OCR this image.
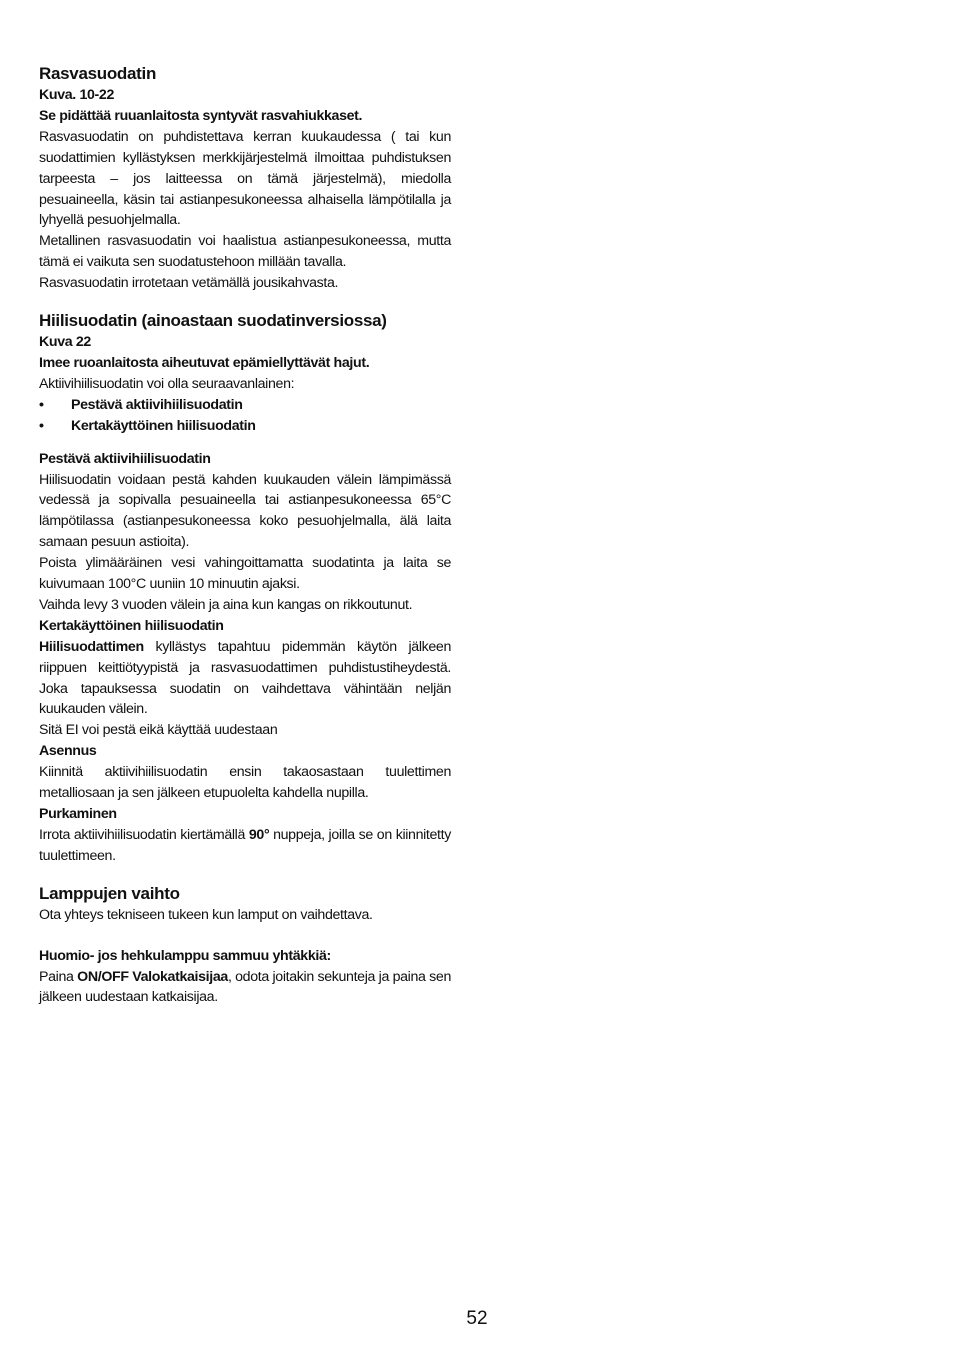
Rasvasuodatin

Kuva. 10-22

Se pidättää ruuanlaitosta syntyvät rasvahiukkaset.

Rasvasuodatin on puhdistettava kerran kuukaudessa ( tai kun suodattimien kyllästyksen merkkijärjestelmä ilmoittaa puhdistuksen tarpeesta – jos laitteessa on tämä järjestelmä), miedolla pesuaineella, käsin tai astianpesukoneessa alhaisella lämpötilalla ja lyhyellä pesuohjelmalla.

Metallinen rasvasuodatin voi haalistua astianpesukoneessa, mutta tämä ei vaikuta sen suodatustehoon millään tavalla.

Rasvasuodatin irrotetaan vetämällä jousikahvasta.

Hiilisuodatin (ainoastaan suodatinversiossa)

Kuva 22

Imee ruoanlaitosta aiheutuvat epämiellyttävät hajut.

Aktiivihiilisuodatin voi olla seuraavanlainen:

•	Pestävä aktiivihiilisuodatin
•	Kertakäyttöinen hiilisuodatin

Pestävä aktiivihiilisuodatin

Hiilisuodatin voidaan pestä kahden kuukauden välein lämpimässä vedessä ja sopivalla pesuaineella tai astianpesukoneessa 65°C lämpötilassa (astianpesukoneessa koko pesuohjelmalla, älä laita samaan pesuun astioita).

Poista ylimääräinen vesi vahingoittamatta suodatinta ja laita se kuivumaan 100°C uuniin 10 minuutin ajaksi.

Vaihda levy 3 vuoden välein ja aina kun kangas on rikkoutunut.

Kertakäyttöinen hiilisuodatin

Hiilisuodattimen kyllästys tapahtuu pidemmän käytön jälkeen riippuen keittiötyypistä ja rasvasuodattimen puhdistustiheydestä. Joka tapauksessa suodatin on vaihdettava vähintään neljän kuukauden välein.

Sitä EI voi pestä eikä käyttää uudestaan

Asennus

Kiinnitä aktiivihiilisuodatin ensin takaosastaan tuulettimen metalliosaan ja sen jälkeen etupuolelta kahdella nupilla.

Purkaminen

Irrota aktiivihiilisuodatin kiertämällä 90° nuppeja, joilla se on kiinnitetty tuulettimeen.

Lamppujen vaihto

Ota yhteys tekniseen tukeen kun lamput on vaihdettava.

Huomio- jos hehkulamppu sammuu yhtäkkiä:

Paina ON/OFF Valokatkaisijaa, odota joitakin sekunteja ja paina sen jälkeen uudestaan katkaisijaa.

52
